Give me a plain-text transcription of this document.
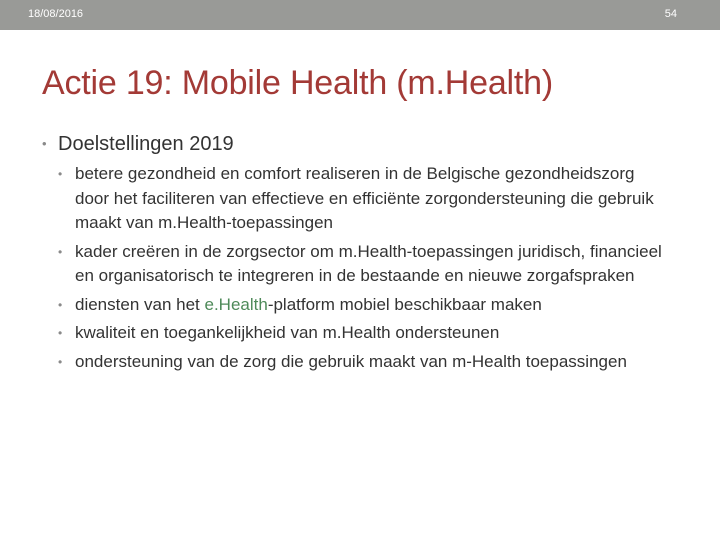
18/08/2016	54
Actie 19: Mobile Health (m.Health)
• Doelstellingen 2019
• betere gezondheid en comfort realiseren in de Belgische gezondheidszorg door het faciliteren van effectieve en efficiënte zorgondersteuning die gebruik maakt van m.Health-toepassingen
• kader creëren in de zorgsector om m.Health-toepassingen juridisch, financieel en organisatorisch te integreren in de bestaande en nieuwe zorgafspraken
• diensten van het e.Health-platform mobiel beschikbaar maken
• kwaliteit en toegankelijkheid van m.Health ondersteunen
• ondersteuning van de zorg die gebruik maakt van m-Health toepassingen
